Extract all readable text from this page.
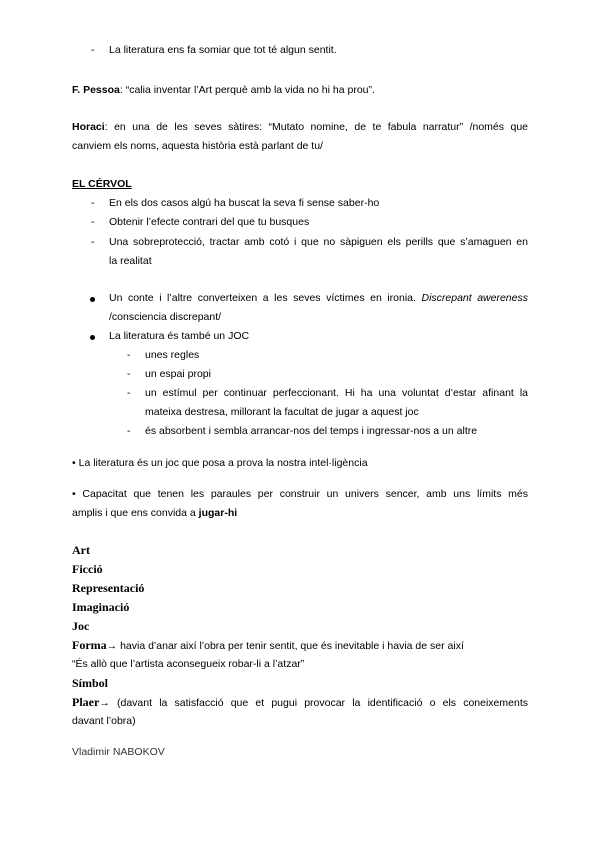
- La literatura ens fa somiar que tot té algun sentit.
F. Pessoa: “calia inventar l’Art perquè amb la vida no hi ha prou”.
Horaci: en una de les seves sàtires: “Mutato nomine, de te fabula narratur” /només que
canviem els noms, aquesta història està parlant de tu/
EL CÉRVOL
- En els dos casos algú ha buscat la seva fi sense saber-ho
- Obtenir l’efecte contrari del que tu busques
- Una sobreprotecció, tractar amb cotó i que no sàpiguen els perills que s’amaguen en
la realitat
Un conte i l’altre converteixen a les seves víctimes en ironia. Discrepant awereness
/consciencia discrepant/
La literatura és també un JOC
- unes regles
- un espai propi
- un estímul per continuar perfeccionant. Hi ha una voluntat d’estar afinant la
mateixa destresa, millorant la facultat de jugar a aquest joc
- és absorbent i sembla arrancar-nos del temps i ingressar-nos a un altre
• La literatura és un joc que posa a prova la nostra intel·ligència
• Capacitat que tenen les paraules per construir un univers sencer, amb uns límits més
amplis i que ens convida a jugar-hi
Art
Ficció
Representació
Imaginació
Joc
Forma→ havia d’anar així l’obra per tenir sentit, que és inevitable i havia de ser així
“És allò que l’artista aconsegueix robar-li a l’atzar”
Símbol
Plaer→ (davant la satisfacció que et pugui provocar la identificació o els coneixements
davant l’obra)
Vladimir NABOKOV
